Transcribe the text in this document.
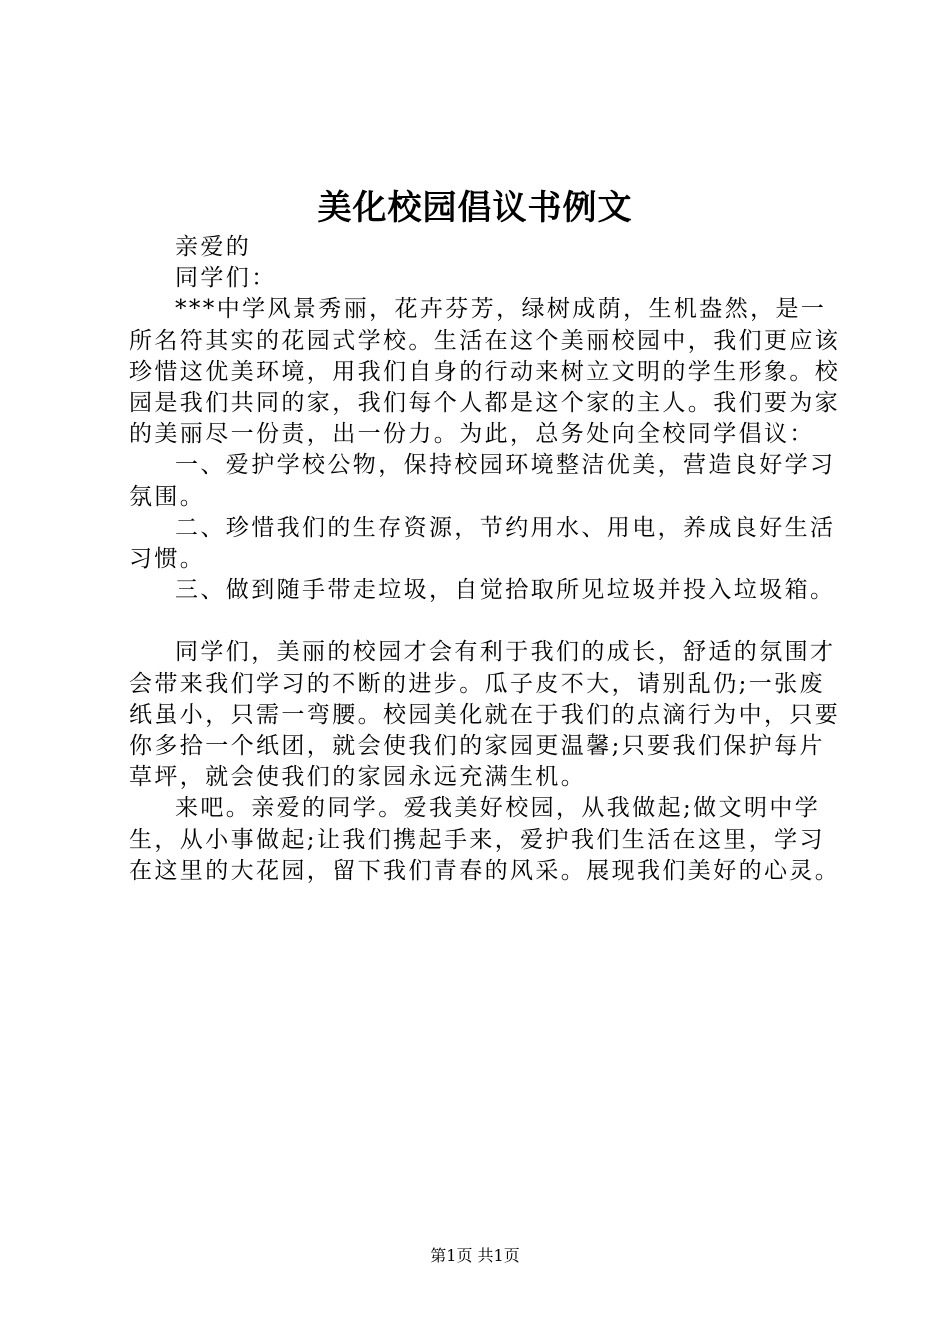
美化校园倡议书例文

亲爱的

同学们：

***中学风景秀丽，花卉芬芳，绿树成荫，生机盎然，是一所名符其实的花园式学校。生活在这个美丽校园中，我们更应该珍惜这优美环境，用我们自身的行动来树立文明的学生形象。校园是我们共同的家，我们每个人都是这个家的主人。我们要为家的美丽尽一份责，出一份力。为此，总务处向全校同学倡议：

一、爱护学校公物，保持校园环境整洁优美，营造良好学习氛围。

二、珍惜我们的生存资源，节约用水、用电，养成良好生活习惯。

三、做到随手带走垃圾，自觉拾取所见垃圾并投入垃圾箱。

同学们，美丽的校园才会有利于我们的成长，舒适的氛围才会带来我们学习的不断的进步。瓜子皮不大，请别乱仍;一张废纸虽小，只需一弯腰。校园美化就在于我们的点滴行为中，只要你多拾一个纸团，就会使我们的家园更温馨;只要我们保护每片草坪，就会使我们的家园永远充满生机。

来吧。亲爱的同学。爱我美好校园，从我做起;做文明中学生，从小事做起;让我们携起手来，爱护我们生活在这里，学习在这里的大花园，留下我们青春的风采。展现我们美好的心灵。

第1页 共1页
